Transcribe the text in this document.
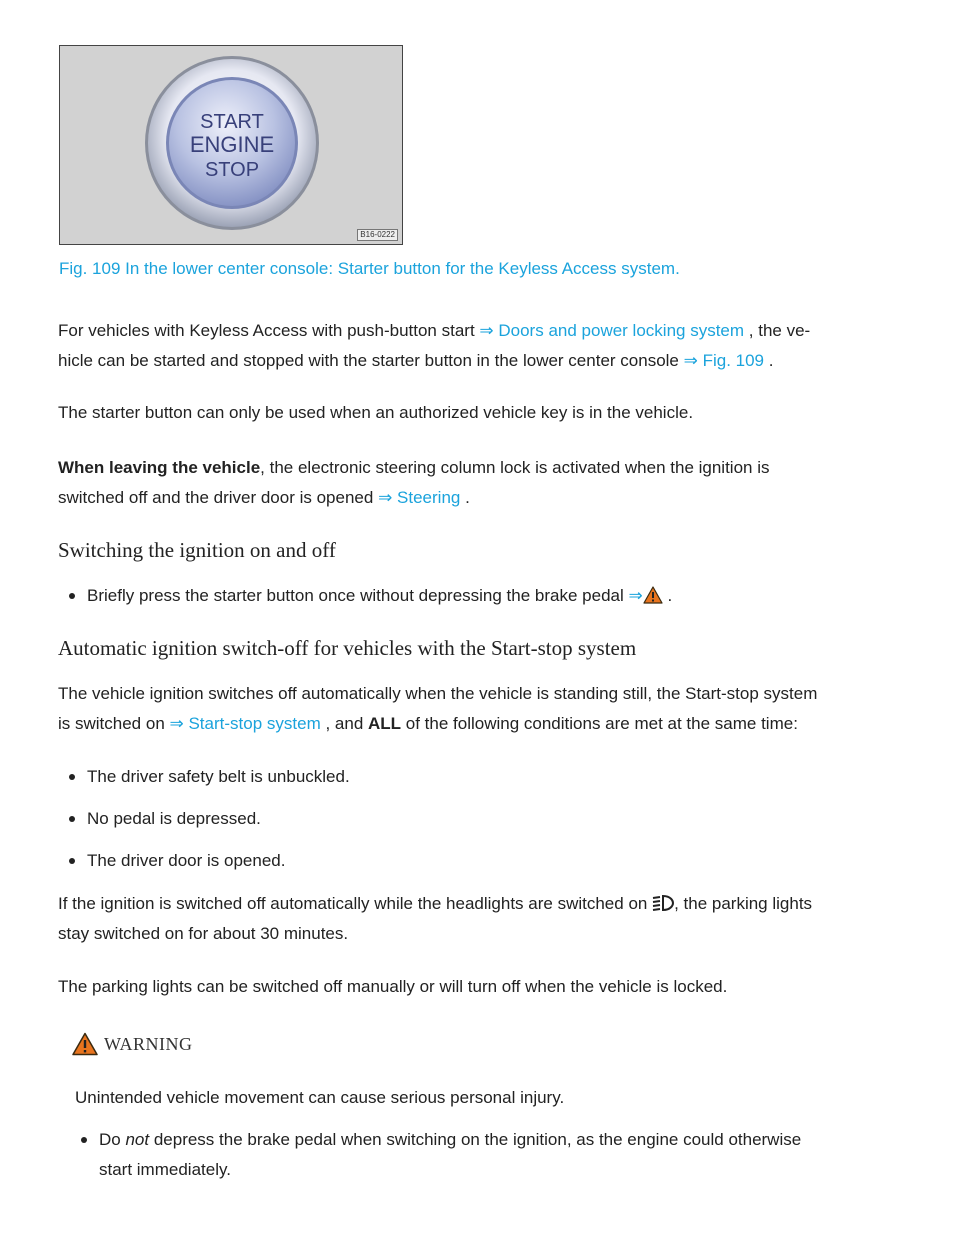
START
ENGINE
STOP
B16-0222
Fig. 109 In the lower center console: Starter button for the Keyless Access system.

For vehicles with Keyless Access with push-button start ⇒ Doors and power locking system , the ve-
hicle can be started and stopped with the starter button in the lower center console ⇒ Fig. 109 .

The starter button can only be used when an authorized vehicle key is in the vehicle.

When leaving the vehicle, the electronic steering column lock is activated when the ignition is
switched off and the driver door is opened ⇒ Steering .

Switching the ignition on and off
Briefly press the starter button once without depressing the brake pedal ⇒ .
Automatic ignition switch-off for vehicles with the Start-stop system

The vehicle ignition switches off automatically when the vehicle is standing still, the Start-stop system
is switched on ⇒ Start-stop system , and ALL of the following conditions are met at the same time:

The driver safety belt is unbuckled.
No pedal is depressed.
The driver door is opened.

If the ignition is switched off automatically while the headlights are switched on , the parking lights
stay switched on for about 30 minutes.

The parking lights can be switched off manually or will turn off when the vehicle is locked.

WARNING

Unintended vehicle movement can cause serious personal injury.

Do not depress the brake pedal when switching on the ignition, as the engine could otherwise
start immediately.
